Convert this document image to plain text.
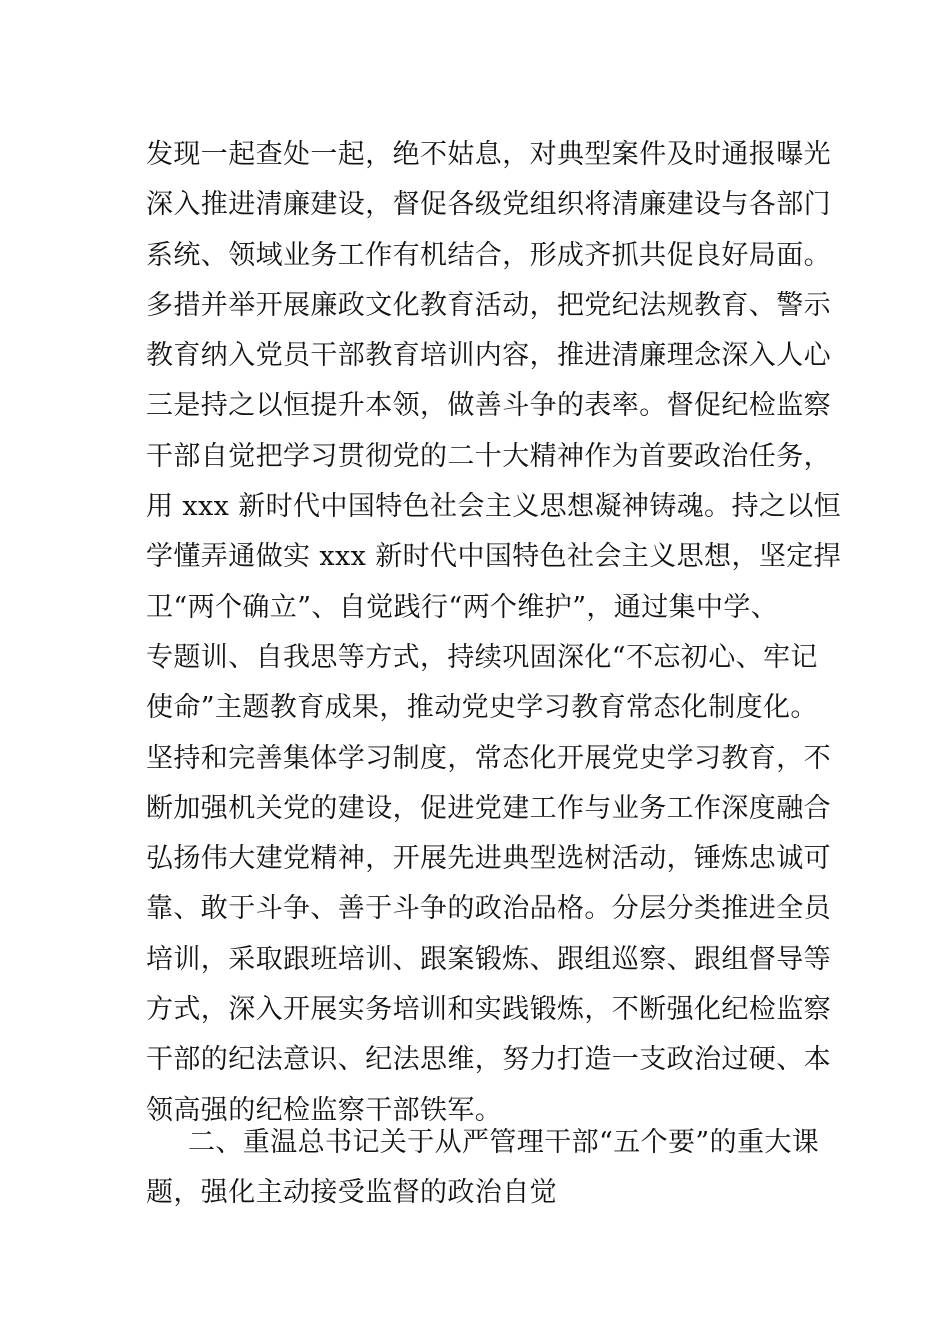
发现一起查处一起，绝不姑息，对典型案件及时通报曝光
深入推进清廉建设，督促各级党组织将清廉建设与各部门
系统、领域业务工作有机结合，形成齐抓共促良好局面。
多措并举开展廉政文化教育活动，把党纪法规教育、警示
教育纳入党员干部教育培训内容，推进清廉理念深入人心
三是持之以恒提升本领，做善斗争的表率。督促纪检监察
干部自觉把学习贯彻党的二十大精神作为首要政治任务，
用 xxx 新时代中国特色社会主义思想凝神铸魂。持之以恒
学懂弄通做实 xxx 新时代中国特色社会主义思想，坚定捍
卫“两个确立”、自觉践行“两个维护”，通过集中学、
专题训、自我思等方式，持续巩固深化“不忘初心、牢记
使命”主题教育成果，推动党史学习教育常态化制度化。
坚持和完善集体学习制度，常态化开展党史学习教育，不
断加强机关党的建设，促进党建工作与业务工作深度融合
弘扬伟大建党精神，开展先进典型选树活动，锤炼忠诚可
靠、敢于斗争、善于斗争的政治品格。分层分类推进全员
培训，采取跟班培训、跟案锻炼、跟组巡察、跟组督导等
方式，深入开展实务培训和实践锻炼，不断强化纪检监察
干部的纪法意识、纪法思维，努力打造一支政治过硬、本
领高强的纪检监察干部铁军。
二、重温总书记关于从严管理干部“五个要”的重大课
题，强化主动接受监督的政治自觉
